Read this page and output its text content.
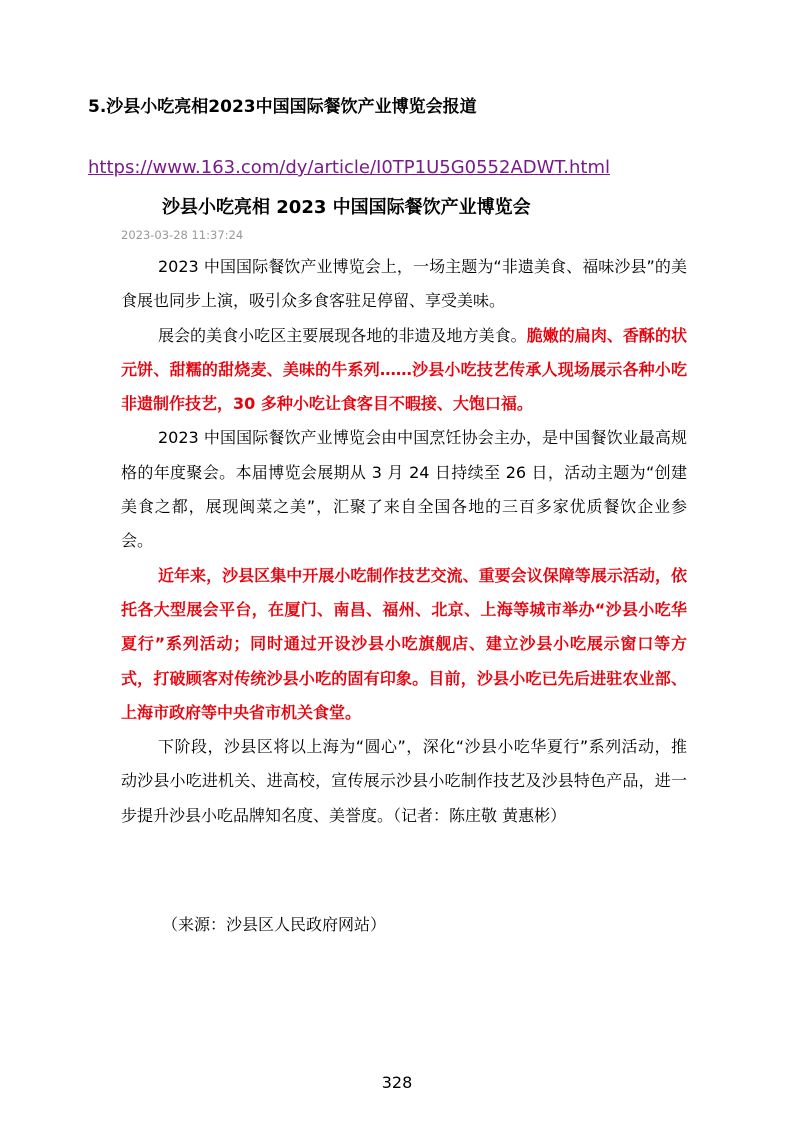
5.沙县小吃亮相2023中国国际餐饮产业博览会报道
https://www.163.com/dy/article/I0TP1U5G0552ADWT.html
沙县小吃亮相 2023 中国国际餐饮产业博览会
2023-03-28 11:37:24

2023 中国国际餐饮产业博览会上，一场主题为“非遗美食、福味沙县”的美食展也同步上演，吸引众多食客驻足停留、享受美味。

展会的美食小吃区主要展现各地的非遗及地方美食。脆嫩的扁肉、香酥的状元饼、甜糯的甜烧麦、美味的牛系列……沙县小吃技艺传承人现场展示各种小吃非遗制作技艺，30 多种小吃让食客目不暇接、大饱口福。

2023 中国国际餐饮产业博览会由中国烹饪协会主办，是中国餐饮业最高规格的年度聚会。本届博览会展期从 3 月 24 日持续至 26 日，活动主题为“创建美食之都，展现闽菜之美”，汇聚了来自全国各地的三百多家优质餐饮企业参会。

近年来，沙县区集中开展小吃制作技艺交流、重要会议保障等展示活动，依托各大型展会平台，在厦门、南昌、福州、北京、上海等城市举办“沙县小吃华夏行”系列活动；同时通过开设沙县小吃旗舰店、建立沙县小吃展示窗口等方式，打破顾客对传统沙县小吃的固有印象。目前，沙县小吃已先后进驻农业部、上海市政府等中央省市机关食堂。

下阶段，沙县区将以上海为“圆心”，深化“沙县小吃华夏行”系列活动，推动沙县小吃进机关、进高校，宣传展示沙县小吃制作技艺及沙县特色产品，进一步提升沙县小吃品牌知名度、美誉度。（记者：陈庄敬 黄惠彬）

（来源：沙县区人民政府网站）
328
